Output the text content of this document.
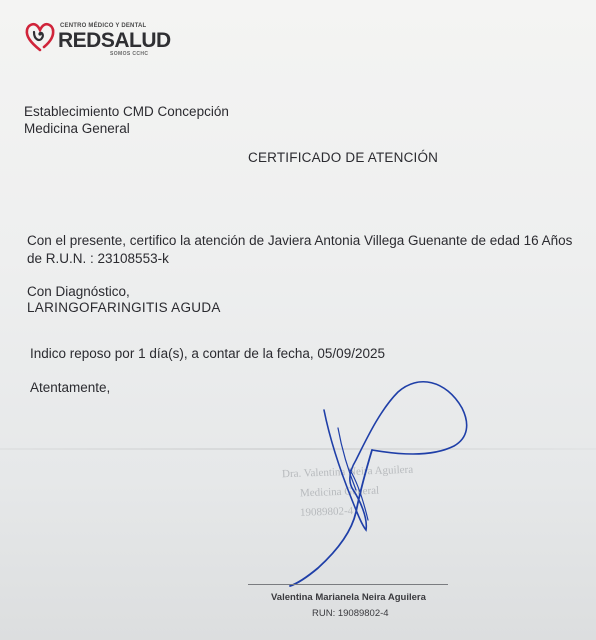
CENTRO MÉDICO Y DENTAL
REDSALUD
SOMOS CCHC
Establecimiento CMD Concepción
Medicina General
CERTIFICADO DE ATENCIÓN
Con el presente, certifico la atención de Javiera Antonia Villega Guenante de edad 16 Años
de R.U.N. : 23108553-k
Con Diagnóstico,
LARINGOFARINGITIS AGUDA
Indico reposo por 1 día(s), a contar de la fecha, 05/09/2025
Atentamente,
Dra. Valentina Neira Aguilera
Medicina General
19089802-4
Valentina Marianela Neira Aguilera
RUN: 19089802-4
